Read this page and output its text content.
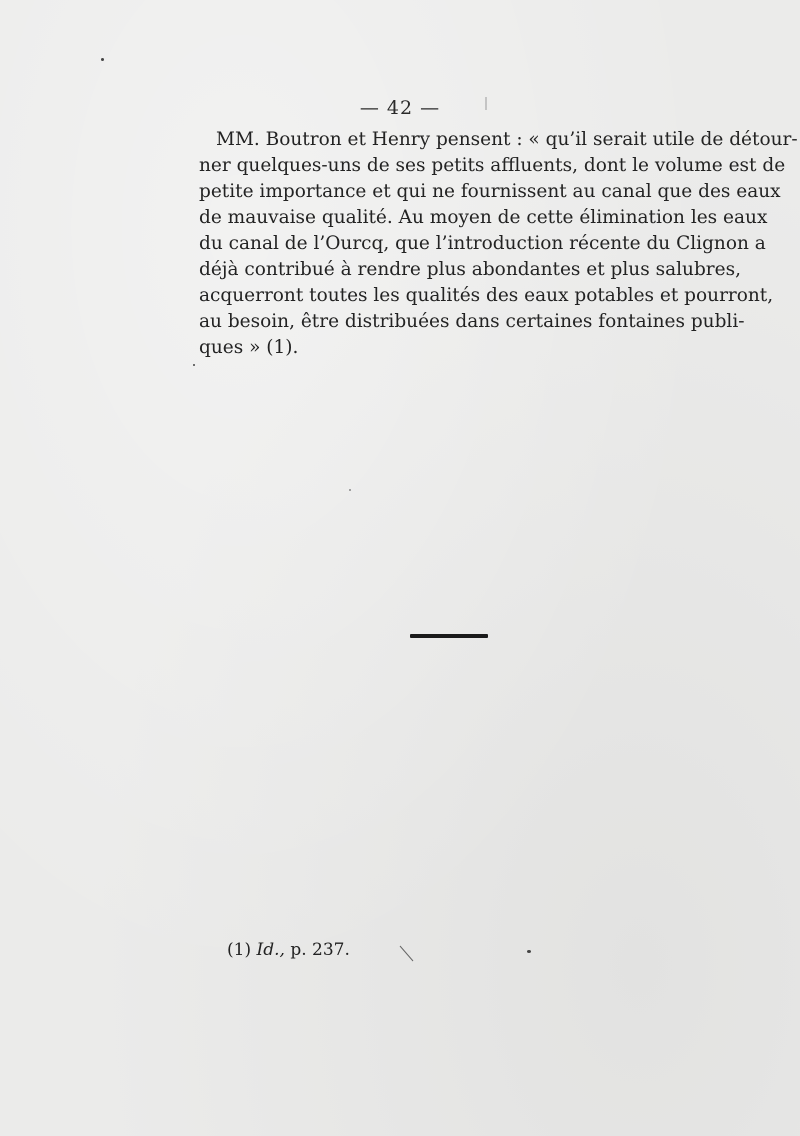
— 42 —
MM. Boutron et Henry pensent : « qu’il serait utile de détour-
ner quelques-uns de ses petits affluents, dont le volume est de
petite importance et qui ne fournissent au canal que des eaux
de mauvaise qualité. Au moyen de cette élimination les eaux
du canal de l’Ourcq, que l’introduction récente du Clignon a
déjà contribué à rendre plus abondantes et plus salubres,
acquerront toutes les qualités des eaux potables et pourront,
au besoin, être distribuées dans certaines fontaines publi-
ques » (1).
(1) Id., p. 237.
